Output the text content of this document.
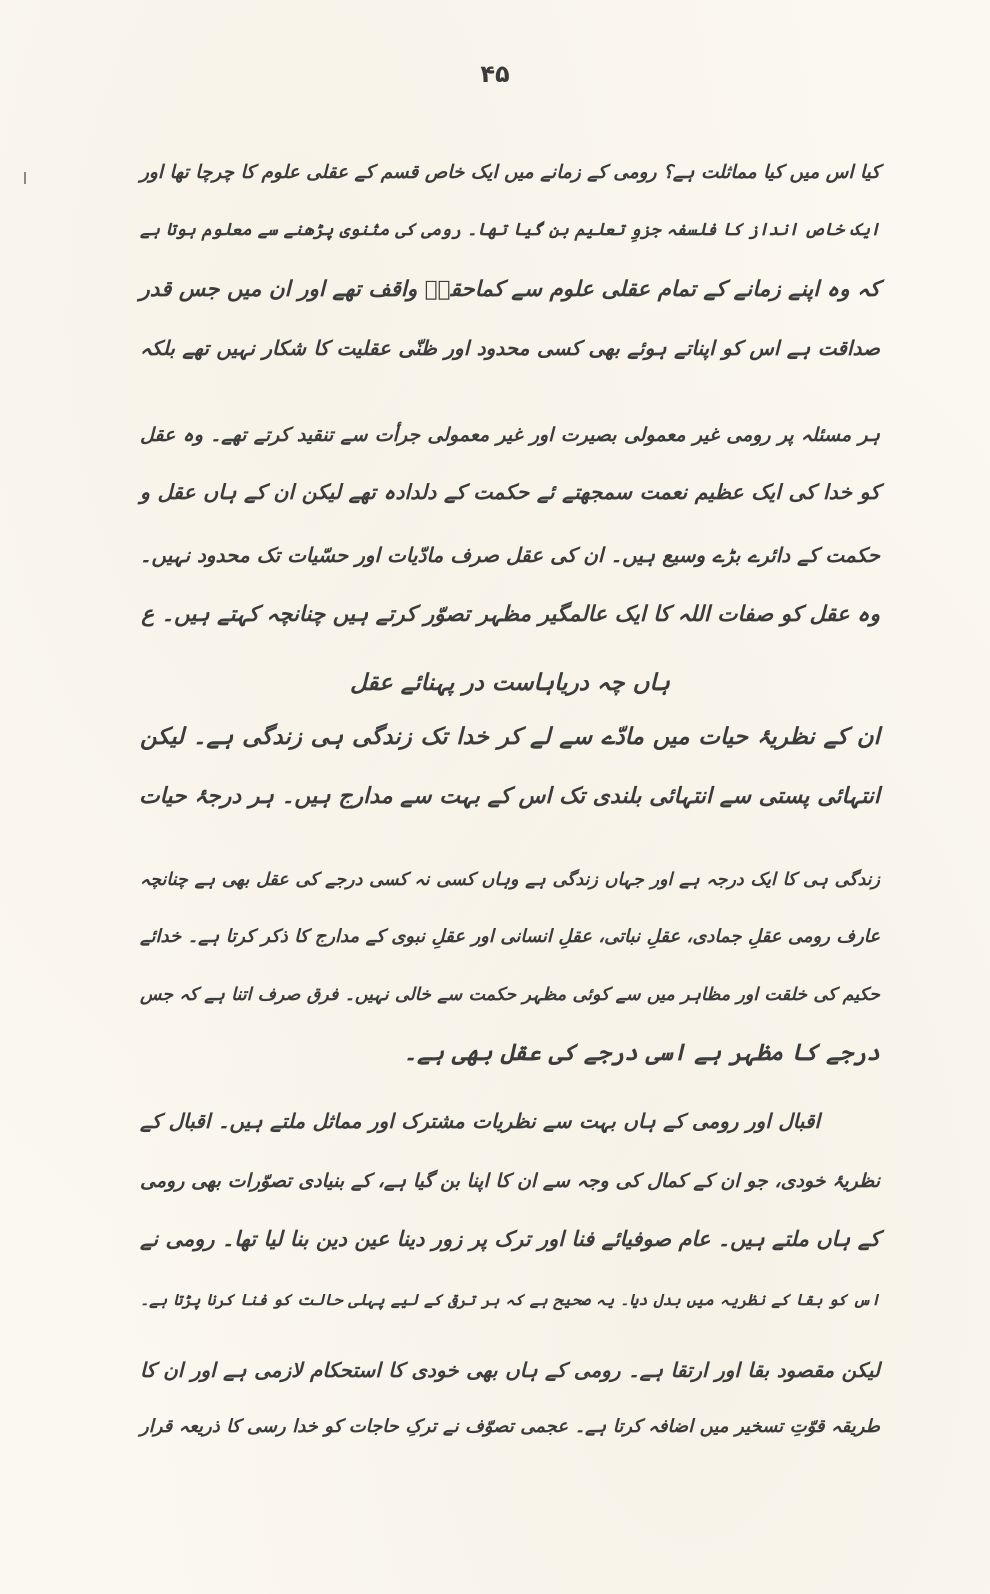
۴۵
کیا اس میں کیا مماثلت ہے؟ رومی کے زمانے میں ایک خاص قسم کے عقلی علوم کا چرچا تھا اور
ایک خاص انداز کا فلسفہ جزوِ تعلیم بن گیا تھا۔ رومی کی مثنوی پڑھنے سے معلوم ہوتا ہے
کہ وہ اپنے زمانے کے تمام عقلی علوم سے کماحقہٗ واقف تھے اور ان میں جس قدر
صداقت ہے اس کو اپناتے ہوئے بھی کسی محدود اور ظنّی عقلیت کا شکار نہیں تھے بلکہ
ہر مسئلہ پر رومی غیر معمولی بصیرت اور غیر معمولی جرأت سے تنقید کرتے تھے۔ وہ عقل
کو خدا کی ایک عظیم نعمت سمجھتے ئے حکمت کے دلدادہ تھے لیکن ان کے ہاں عقل و
حکمت کے دائرے بڑے وسیع ہیں۔ ان کی عقل صرف مادّیات اور حسّیات تک محدود نہیں۔
وہ عقل کو صفات اللہ کا ایک عالمگیر مظہر تصوّر کرتے ہیں چنانچہ کہتے ہیں۔ ع
ہاں چہ دریاہاست در پہنائے عقل
ان کے نظریۂ حیات میں مادّے سے لے کر خدا تک زندگی ہی زندگی ہے۔ لیکن
انتہائی پستی سے انتہائی بلندی تک اس کے بہت سے مدارج ہیں۔ ہر درجۂ حیات
زندگی ہی کا ایک درجہ ہے اور جہاں زندگی ہے وہاں کسی نہ کسی درجے کی عقل بھی ہے چنانچہ
عارف رومی عقلِ جمادی، عقلِ نباتی، عقلِ انسانی اور عقلِ نبوی کے مدارج کا ذکر کرتا ہے۔ خدائے
حکیم کی خلقت اور مظاہر میں سے کوئی مظہر حکمت سے خالی نہیں۔ فرق صرف اتنا ہے کہ جس
درجے کا مظہر ہے اسی درجے کی عقل بھی ہے۔
اقبال اور رومی کے ہاں بہت سے نظریات مشترک اور مماثل ملتے ہیں۔ اقبال کے
نظریۂ خودی، جو ان کے کمال کی وجہ سے ان کا اپنا بن گیا ہے، کے بنیادی تصوّرات بھی رومی
کے ہاں ملتے ہیں۔ عام صوفیائے فنا اور ترک پر زور دینا عین دین بنا لیا تھا۔ رومی نے
اس کو بقا کے نظریہ میں بدل دیا۔ یہ صحیح ہے کہ ہر ترقی کے لیے پہلی حالت کو فنا کرنا پڑتا ہے۔
لیکن مقصود بقا اور ارتقا ہے۔ رومی کے ہاں بھی خودی کا استحکام لازمی ہے اور ان کا
طریقہ قوّتِ تسخیر میں اضافہ کرتا ہے۔ عجمی تصوّف نے ترکِ حاجات کو خدا رسی کا ذریعہ قرار
